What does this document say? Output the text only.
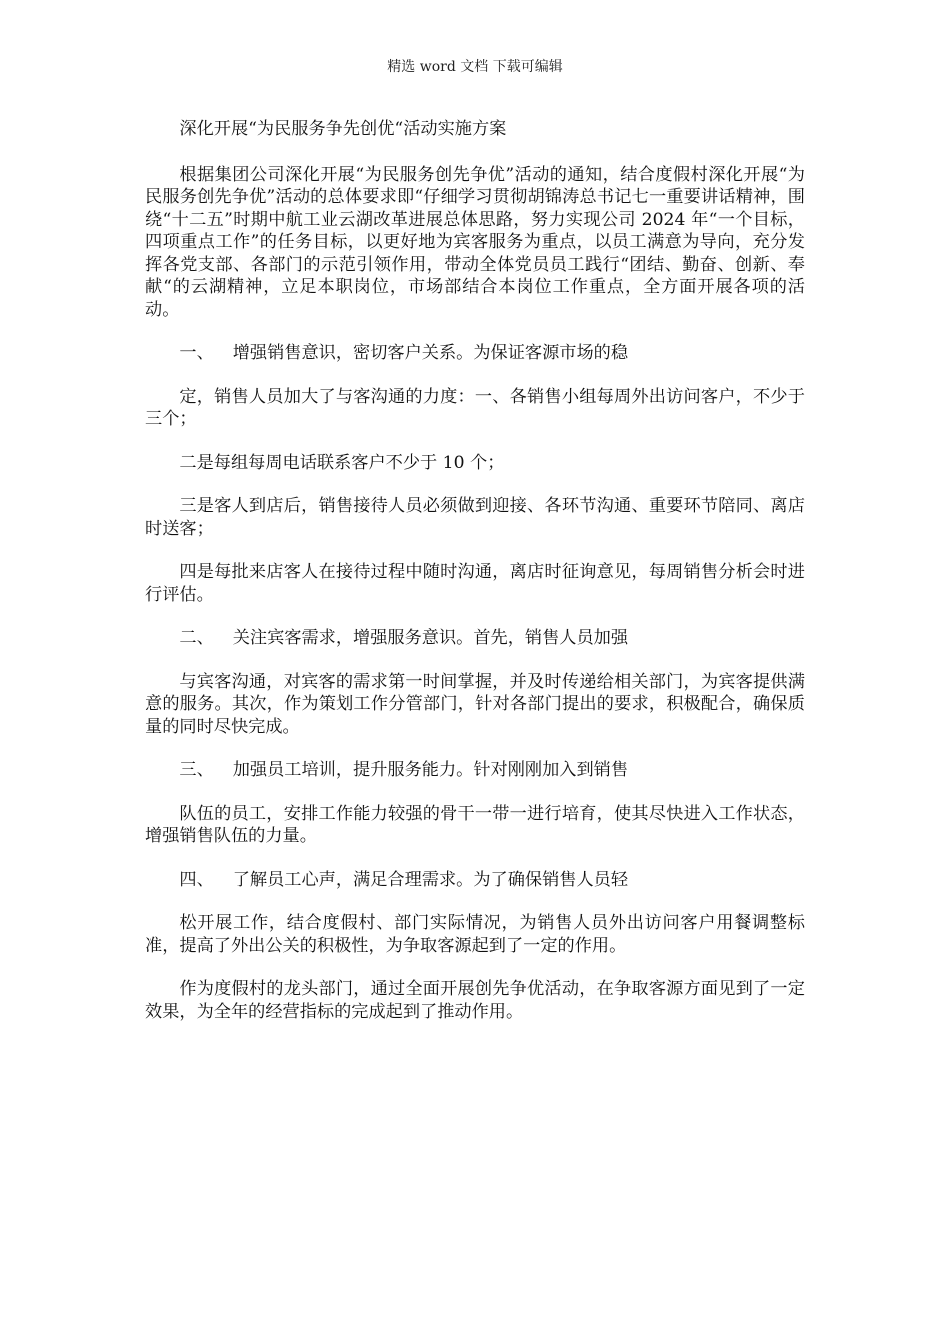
精选 word 文档 下载可编辑

深化开展“为民服务争先创优“活动实施方案

根据集团公司深化开展“为民服务创先争优”活动的通知，结合度假村深化开展“为民服务创先争优”活动的总体要求即“仔细学习贯彻胡锦涛总书记七一重要讲话精神，围绕“十二五”时期中航工业云湖改革进展总体思路，努力实现公司 2024 年“一个目标，四项重点工作”的任务目标，以更好地为宾客服务为重点，以员工满意为导向，充分发挥各党支部、各部门的示范引领作用，带动全体党员员工践行“团结、勤奋、创新、奉献“的云湖精神，立足本职岗位，市场部结合本岗位工作重点，全方面开展各项的活动。

一、 增强销售意识，密切客户关系。为保证客源市场的稳

定，销售人员加大了与客沟通的力度：一、各销售小组每周外出访问客户，不少于三个；

二是每组每周电话联系客户不少于 10 个；

三是客人到店后，销售接待人员必须做到迎接、各环节沟通、重要环节陪同、离店时送客；

四是每批来店客人在接待过程中随时沟通，离店时征询意见，每周销售分析会时进行评估。

二、 关注宾客需求，增强服务意识。首先，销售人员加强

与宾客沟通，对宾客的需求第一时间掌握，并及时传递给相关部门，为宾客提供满意的服务。其次，作为策划工作分管部门，针对各部门提出的要求，积极配合，确保质量的同时尽快完成。

三、 加强员工培训，提升服务能力。针对刚刚加入到销售

队伍的员工，安排工作能力较强的骨干一带一进行培育，使其尽快进入工作状态，增强销售队伍的力量。

四、 了解员工心声，满足合理需求。为了确保销售人员轻

松开展工作，结合度假村、部门实际情况，为销售人员外出访问客户用餐调整标准，提高了外出公关的积极性，为争取客源起到了一定的作用。

作为度假村的龙头部门，通过全面开展创先争优活动，在争取客源方面见到了一定效果，为全年的经营指标的完成起到了推动作用。
